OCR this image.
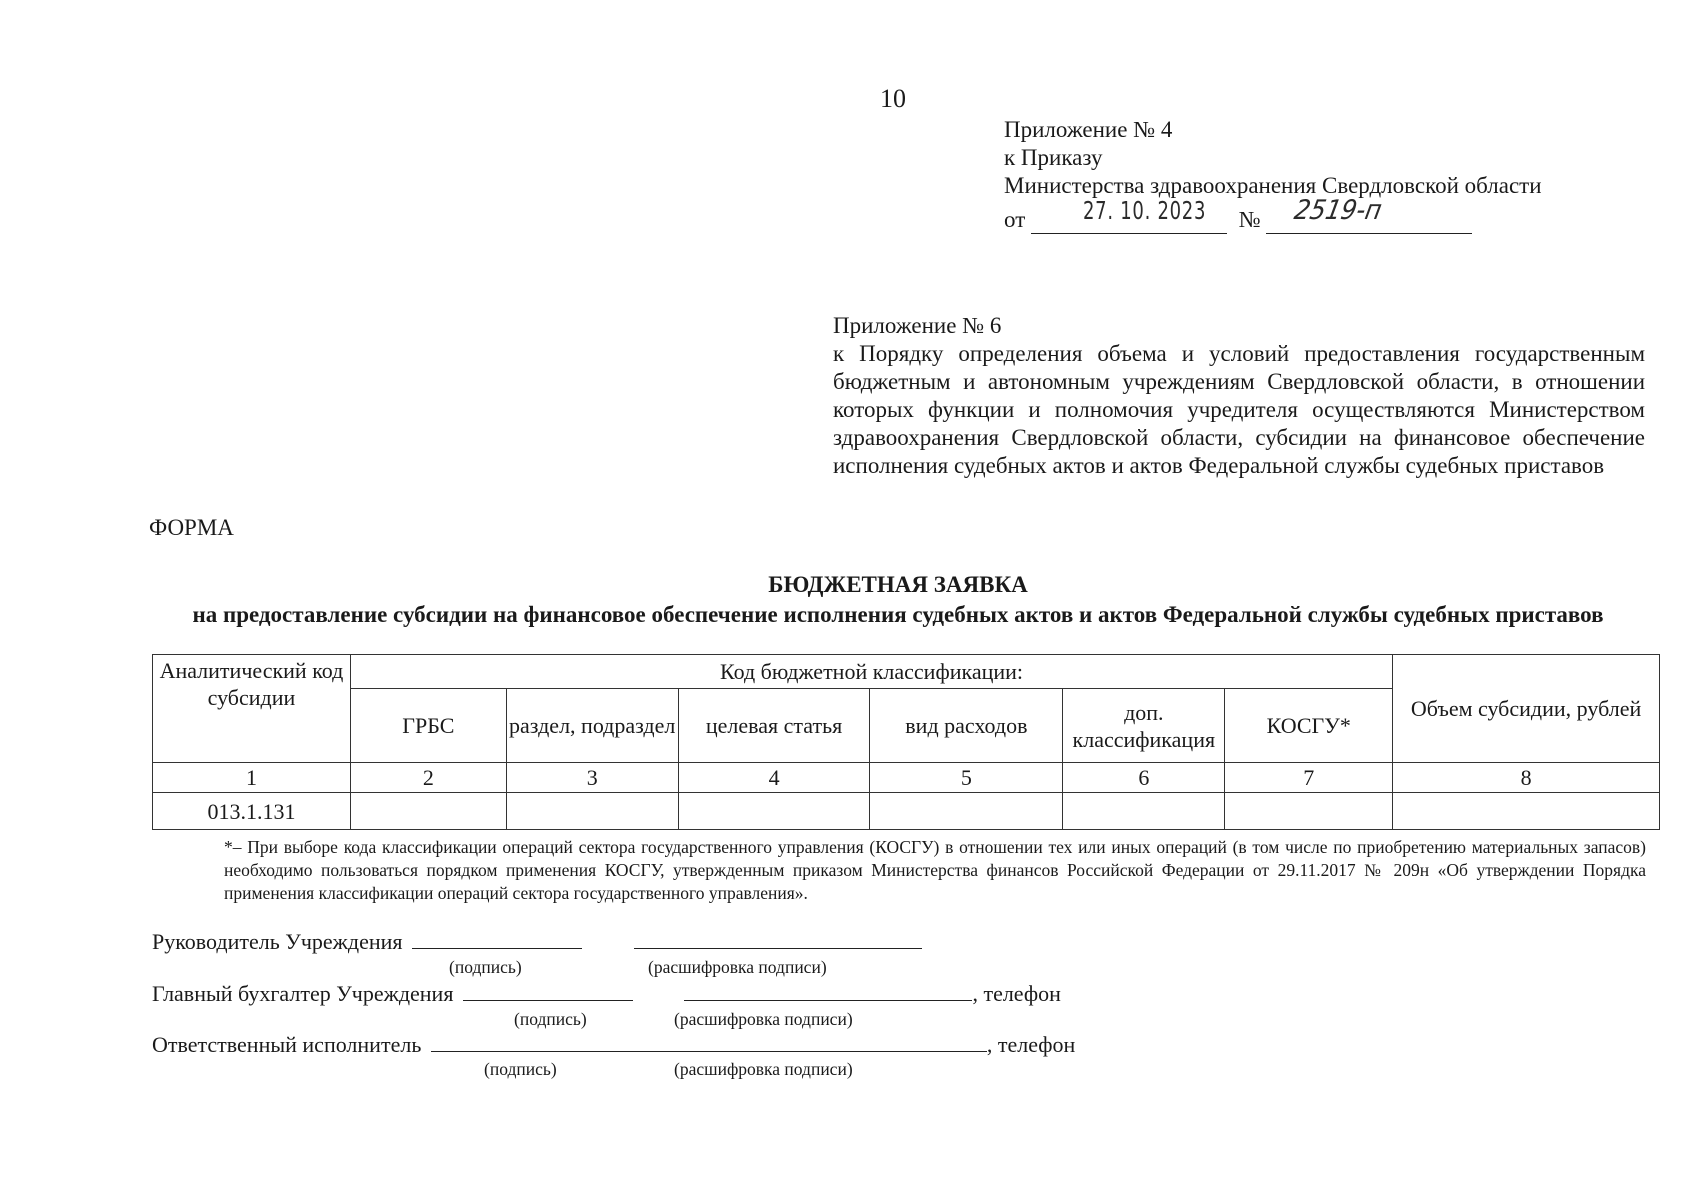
10
Приложение № 4
к Приказу
Министерства здравоохранения Свердловской области
от 27. 10. 2023 № 2519-п
Приложение № 6
к Порядку определения объема и условий предоставления государственным бюджетным и автономным учреждениям Свердловской области, в отношении которых функции и полномочия учредителя осуществляются Министерством здравоохранения Свердловской области, субсидии на финансовое обеспечение исполнения судебных актов и актов Федеральной службы судебных приставов
ФОРМА
БЮДЖЕТНАЯ ЗАЯВКА
на предоставление субсидии на финансовое обеспечение исполнения судебных актов и актов Федеральной службы судебных приставов
Аналитический код субсидии	Код бюджетной классификации:						Объем субсидии, рублей
	ГРБС	раздел, подраздел	целевая статья	вид расходов	доп. классификация	КОСГУ*	
1	2	3	4	5	6	7	8
013.1.131							
*– При выборе кода классификации операций сектора государственного управления (КОСГУ) в отношении тех или иных операций (в том числе по приобретению материальных запасов) необходимо пользоваться порядком применения КОСГУ, утвержденным приказом Министерства финансов Российской Федерации от 29.11.2017 № 209н «Об утверждении Порядка применения классификации операций сектора государственного управления».
Руководитель Учреждения
(подпись)	(расшифровка подписи)
Главный бухгалтер Учреждения	, телефон
(подпись)	(расшифровка подписи)
Ответственный исполнитель	, телефон
(подпись)	(расшифровка подписи)
